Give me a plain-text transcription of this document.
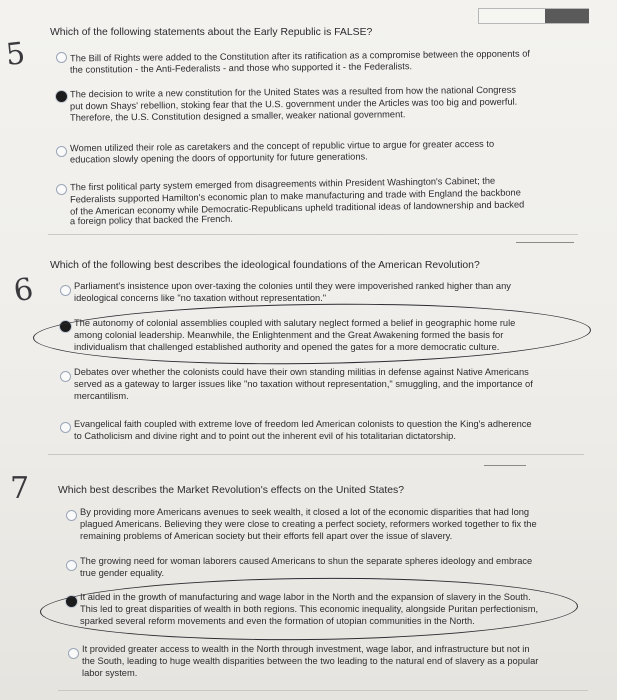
5
6
7
Which of the following statements about the Early Republic is FALSE?
The Bill of Rights were added to the Constitution after its ratification as a compromise between the opponents of
the constitution - the Anti-Federalists - and those who supported it - the Federalists.
The decision to write a new constitution for the United States was a resulted from how the national Congress
put down Shays' rebellion, stoking fear that the U.S. government under the Articles was too big and powerful.
Therefore, the U.S. Constitution designed a smaller, weaker national government.
Women utilized their role as caretakers and the concept of republic virtue to argue for greater access to
education slowly opening the doors of opportunity for future generations.
The first political party system emerged from disagreements within President Washington's Cabinet; the
Federalists supported Hamilton's economic plan to make manufacturing and trade with England the backbone
of the American economy while Democratic-Republicans upheld traditional ideas of landownership and backed
a foreign policy that backed the French.
Which of the following best describes the ideological foundations of the American Revolution?
Parliament's insistence upon over-taxing the colonies until they were impoverished ranked higher than any
ideological concerns like "no taxation without representation."
The autonomy of colonial assemblies coupled with salutary neglect formed a belief in geographic home rule
among colonial leadership. Meanwhile, the Enlightenment and the Great Awakening formed the basis for
individualism that challenged established authority and opened the gates for a more democratic culture.
Debates over whether the colonists could have their own standing militias in defense against Native Americans
served as a gateway to larger issues like "no taxation without representation," smuggling, and the importance of
mercantilism.
Evangelical faith coupled with extreme love of freedom led American colonists to question the King's adherence
to Catholicism and divine right and to point out the inherent evil of his totalitarian dictatorship.
Which best describes the Market Revolution's effects on the United States?
By providing more Americans avenues to seek wealth, it closed a lot of the economic disparities that had long
plagued Americans. Believing they were close to creating a perfect society, reformers worked together to fix the
remaining problems of American society but their efforts fell apart over the issue of slavery.
The growing need for woman laborers caused Americans to shun the separate spheres ideology and embrace
true gender equality.
It aided in the growth of manufacturing and wage labor in the North and the expansion of slavery in the South.
This led to great disparities of wealth in both regions. This economic inequality, alongside Puritan perfectionism,
sparked several reform movements and even the formation of utopian communities in the North.
It provided greater access to wealth in the North through investment, wage labor, and infrastructure but not in
the South, leading to huge wealth disparities between the two leading to the natural end of slavery as a popular
labor system.
